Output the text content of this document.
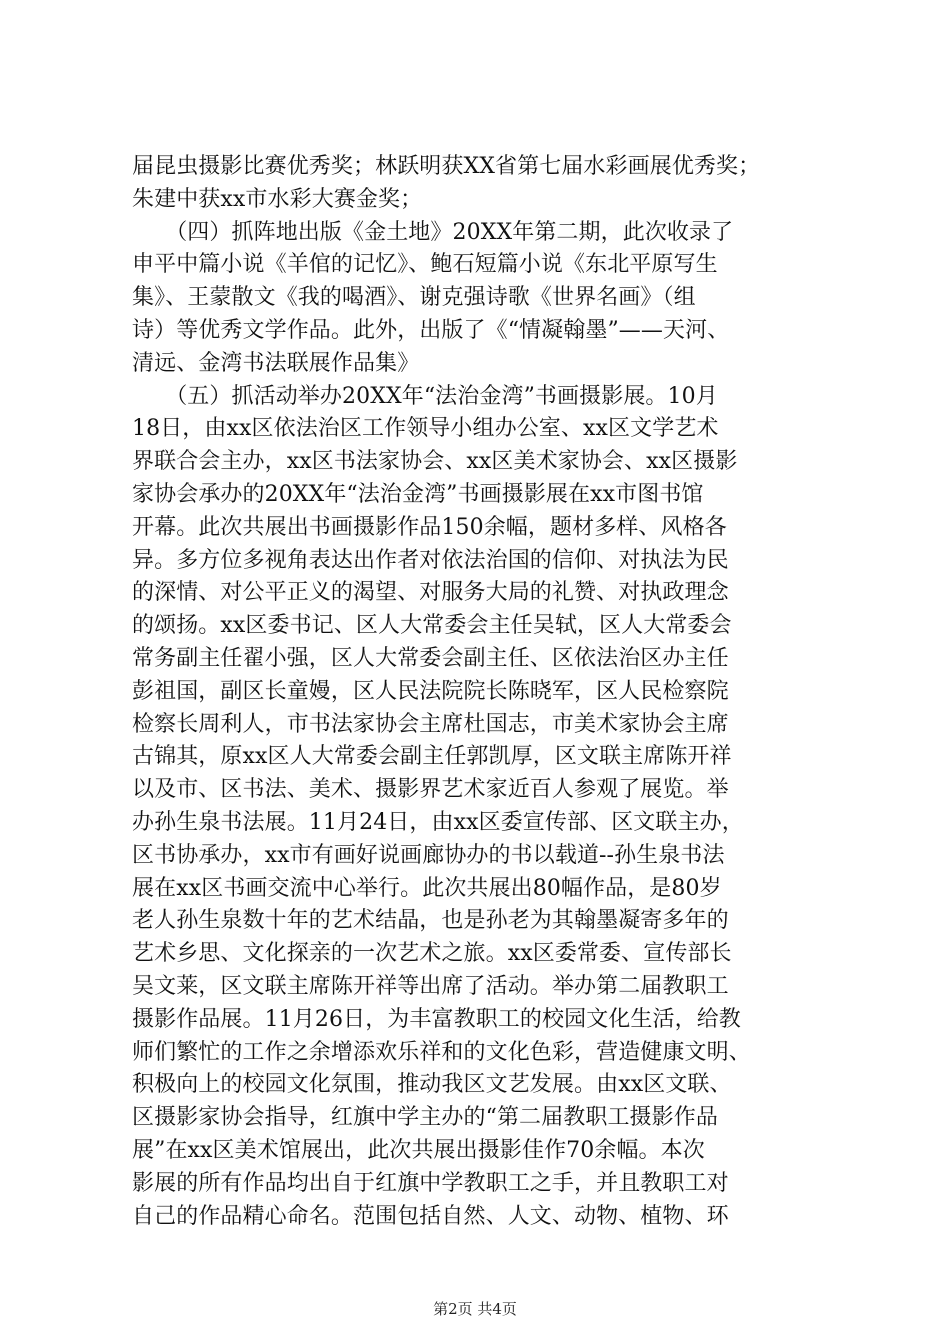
届昆虫摄影比赛优秀奖；林跃明获XX省第七届水彩画展优秀奖；
朱建中获xx市水彩大赛金奖；
　　（四）抓阵地出版《金土地》20XX年第二期，此次收录了
申平中篇小说《羊倌的记忆》、鲍石短篇小说《东北平原写生
集》、王蒙散文《我的喝酒》、谢克强诗歌《世界名画》（组
诗）等优秀文学作品。此外，出版了《“情凝翰墨”——天河、
清远、金湾书法联展作品集》
　　（五）抓活动举办20XX年“法治金湾”书画摄影展。10月
18日，由xx区依法治区工作领导小组办公室、xx区文学艺术
界联合会主办，xx区书法家协会、xx区美术家协会、xx区摄影
家协会承办的20XX年“法治金湾”书画摄影展在xx市图书馆
开幕。此次共展出书画摄影作品150余幅，题材多样、风格各
异。多方位多视角表达出作者对依法治国的信仰、对执法为民
的深情、对公平正义的渴望、对服务大局的礼赞、对执政理念
的颂扬。xx区委书记、区人大常委会主任吴轼，区人大常委会
常务副主任翟小强，区人大常委会副主任、区依法治区办主任
彭祖国，副区长童嫚，区人民法院院长陈晓军，区人民检察院
检察长周利人，市书法家协会主席杜国志，市美术家协会主席
古锦其，原xx区人大常委会副主任郭凯厚，区文联主席陈开祥
以及市、区书法、美术、摄影界艺术家近百人参观了展览。举
办孙生泉书法展。11月24日，由xx区委宣传部、区文联主办，
区书协承办，xx市有画好说画廊协办的书以载道--孙生泉书法
展在xx区书画交流中心举行。此次共展出80幅作品，是80岁
老人孙生泉数十年的艺术结晶，也是孙老为其翰墨凝寄多年的
艺术乡思、文化探亲的一次艺术之旅。xx区委常委、宣传部长
吴文莱，区文联主席陈开祥等出席了活动。举办第二届教职工
摄影作品展。11月26日，为丰富教职工的校园文化生活，给教
师们繁忙的工作之余增添欢乐祥和的文化色彩，营造健康文明、
积极向上的校园文化氛围，推动我区文艺发展。由xx区文联、
区摄影家协会指导，红旗中学主办的“第二届教职工摄影作品
展”在xx区美术馆展出，此次共展出摄影佳作70余幅。本次
影展的所有作品均出自于红旗中学教职工之手，并且教职工对
自己的作品精心命名。范围包括自然、人文、动物、植物、环
第2页 共4页
